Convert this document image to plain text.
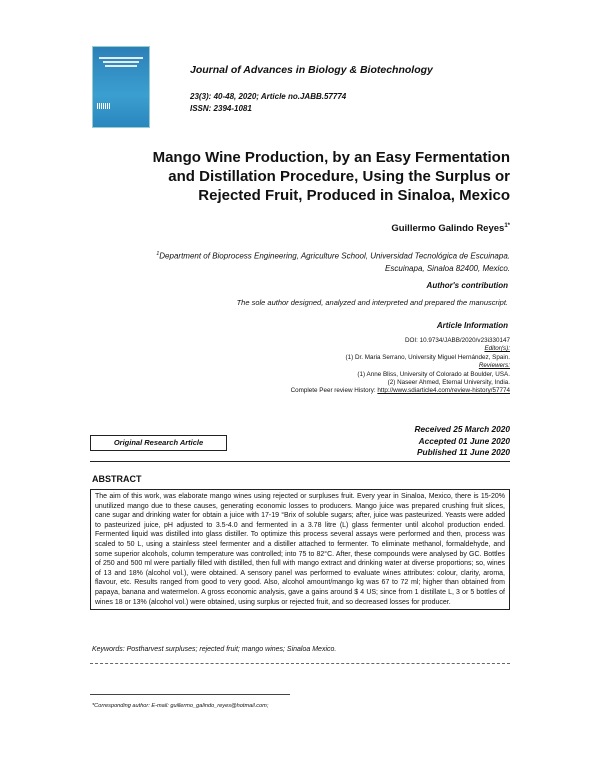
Journal of Advances in Biology & Biotechnology
23(3): 40-48, 2020; Article no.JABB.57774
ISSN: 2394-1081
Mango Wine Production, by an Easy Fermentation
and Distillation Procedure, Using the Surplus or
Rejected Fruit, Produced in Sinaloa, Mexico
Guillermo Galindo Reyes$^{1*}$
$^1$Department of Bioprocess Engineering, Agriculture School, Universidad Tecnológica de Escuinapa.
Escuinapa, Sinaloa 82400, Mexico.
Author's contribution
The sole author designed, analyzed and interpreted and prepared the manuscript.
Article Information
DOI: 10.9734/JABB/2020/v23i330147
Editor(s):
(1) Dr. Maria Serrano, University Miguel Hernández, Spain.
Reviewers:
(1) Anne Bliss, University of Colorado at Boulder, USA.
(2) Naseer Ahmed, Eternal University, India.
Complete Peer review History: http://www.sdiarticle4.com/review-history/57774
Original Research Article
Received 25 March 2020
Accepted 01 June 2020
Published 11 June 2020
ABSTRACT
The aim of this work, was elaborate mango wines using rejected or surpluses fruit. Every year in Sinaloa, Mexico, there is 15-20% unutilized mango due to these causes, generating economic losses to producers. Mango juice was prepared crushing fruit slices, cane sugar and drinking water for obtain a juice with 17-19 °Brix of soluble sugars; after, juice was pasteurized. Yeasts were added to pasteurized juice, pH adjusted to 3.5-4.0 and fermented in a 3.78 litre (L) glass fermenter until alcohol production ended. Fermented liquid was distilled into glass distiller. To optimize this process several assays were performed and then, process was scaled to 50 L, using a stainless steel fermenter and a distiller attached to fermenter. To eliminate methanol, formaldehyde, and some superior alcohols, column temperature was controlled; into 75 to 82°C. After, these compounds were analysed by GC. Bottles of 250 and 500 ml were partially filled with distilled, then full with mango extract and drinking water at diverse proportions; so, wines of 13 and 18% (alcohol vol.), were obtained. A sensory panel was performed to evaluate wines attributes: colour, clarity, aroma, flavour, etc. Results ranged from good to very good. Also, alcohol amount/mango kg was 67 to 72 ml; higher than obtained from papaya, banana and watermelon. A gross economic analysis, gave a gains around $ 4 US; since from 1 distillate L, 3 or 5 bottles of wines 18 or 13% (alcohol vol.) were obtained, using surplus or rejected fruit, and so decreased losses for producer.
Keywords: Postharvest surpluses; rejected fruit; mango wines; Sinaloa Mexico.
*Corresponding author: E-mail: guillermo_galindo_reyes@hotmail.com;
